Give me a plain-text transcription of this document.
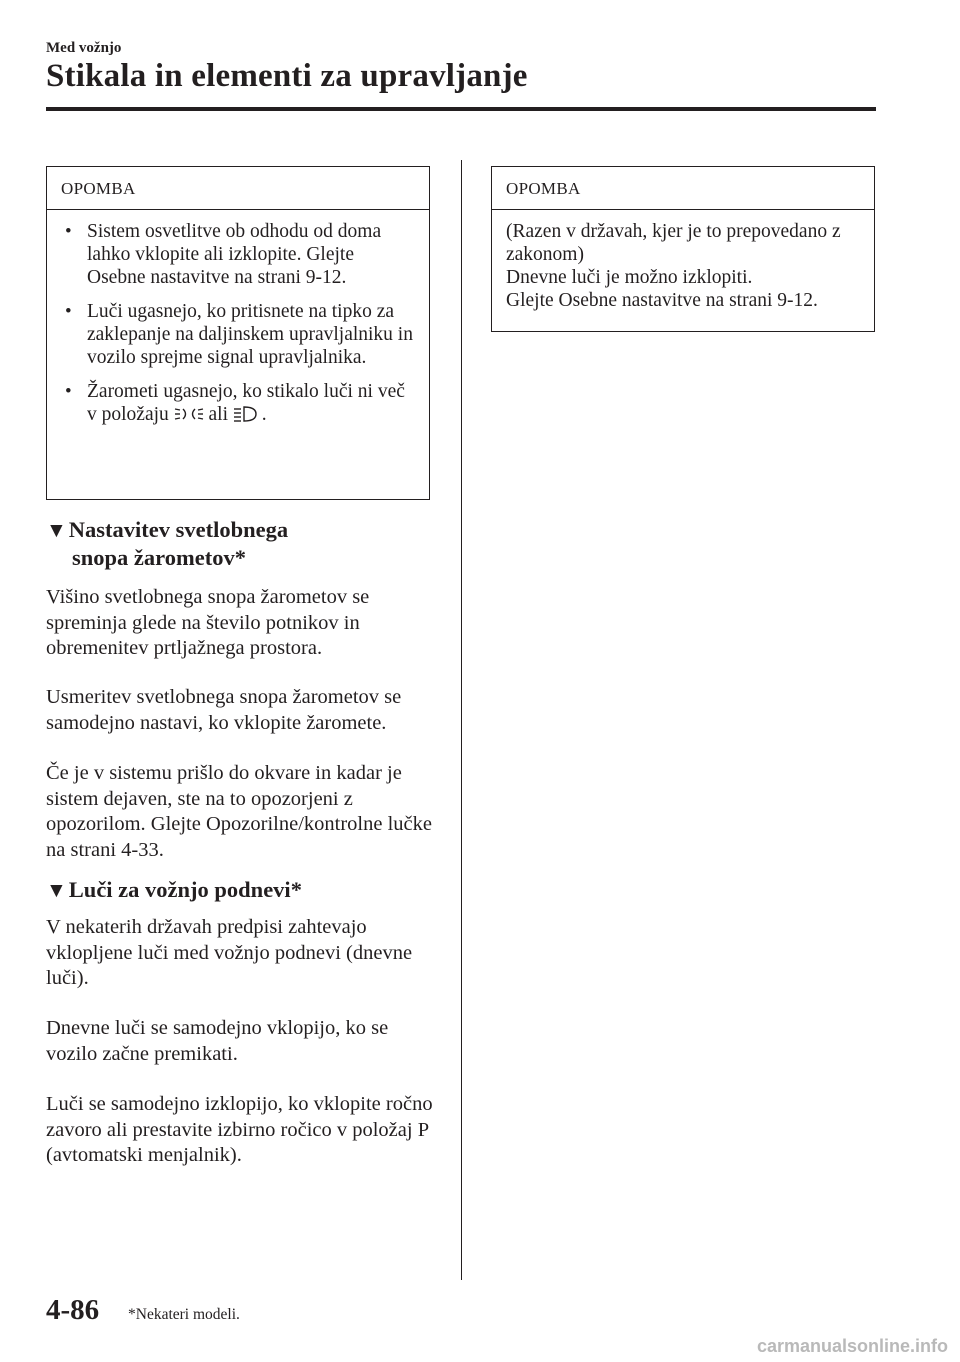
Med vožnjo
Stikala in elementi za upravljanje
OPOMBA
• Sistem osvetlitve ob odhodu od doma lahko vklopite ali izklopite. Glejte Osebne nastavitve na strani 9-12.
• Luči ugasnejo, ko pritisnete na tipko za zaklepanje na daljinskem upravljalniku in vozilo sprejme signal upravljalnika.
• Žarometi ugasnejo, ko stikalo luči ni več v položaju ali .
OPOMBA

(Razen v državah, kjer je to prepovedano z zakonom)

Dnevne luči je možno izklopiti.

Glejte Osebne nastavitve na strani 9-12.

▼Nastavitev svetlobnega
snopa žarometov*

Višino svetlobnega snopa žarometov se spreminja glede na število potnikov in obremenitev prtljažnega prostora.

Usmeritev svetlobnega snopa žarometov se samodejno nastavi, ko vklopite žaromete.

Če je v sistemu prišlo do okvare in kadar je sistem dejaven, ste na to opozorjeni z opozorilom. Glejte Opozorilne/kontrolne lučke na strani 4-33.

▼Luči za vožnjo podnevi*

V nekaterih državah predpisi zahtevajo vklopljene luči med vožnjo podnevi (dnevne luči).

Dnevne luči se samodejno vklopijo, ko se vozilo začne premikati.

Luči se samodejno izklopijo, ko vklopite ročno zavoro ali prestavite izbirno ročico v položaj P (avtomatski menjalnik).

4-86 *Nekateri modeli.
carmanualsonline.info
